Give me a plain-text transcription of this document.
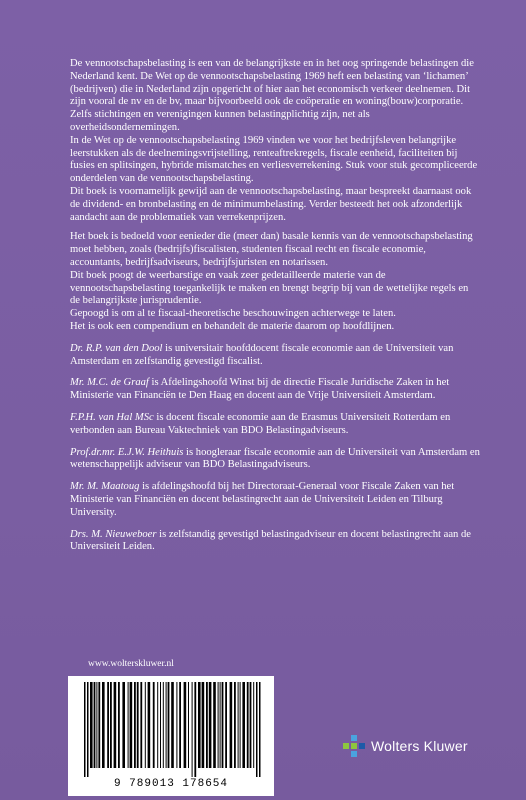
De vennootschapsbelasting is een van de belangrijkste en in het oog springende belastingen die Nederland kent. De Wet op de vennootschapsbelasting 1969 heft een belasting van ‘lichamen’ (bedrijven) die in Nederland zijn opgericht of hier aan het economisch verkeer deelnemen. Dit zijn vooral de nv en de bv, maar bijvoorbeeld ook de coöperatie en woning(bouw)corporatie. Zelfs stichtingen en verenigingen kunnen belastingplichtig zijn, net als overheidsondernemingen.

In de Wet op de vennootschapsbelasting 1969 vinden we voor het bedrijfsleven belangrijke leerstukken als de deelnemingsvrijstelling, renteaftrekregels, fiscale eenheid, faciliteiten bij fusies en splitsingen, hybride mismatches en verliesverrekening. Stuk voor stuk gecompliceerde onderdelen van de vennootschapsbelasting.

Dit boek is voornamelijk gewijd aan de vennootschapsbelasting, maar bespreekt daarnaast ook de dividend- en bronbelasting en de minimumbelasting. Verder besteedt het ook afzonderlijk aandacht aan de problematiek van verrekenprijzen.

Het boek is bedoeld voor eenieder die (meer dan) basale kennis van de vennootschapsbelasting moet hebben, zoals (bedrijfs)fiscalisten, studenten fiscaal recht en fiscale economie, accountants, bedrijfsadviseurs, bedrijfsjuristen en notarissen.

Dit boek poogt de weerbarstige en vaak zeer gedetailleerde materie van de vennootschapsbelasting toegankelijk te maken en brengt begrip bij van de wettelijke regels en de belangrijkste jurisprudentie.

Gepoogd is om al te fiscaal-theoretische beschouwingen achterwege te laten.

Het is ook een compendium en behandelt de materie daarom op hoofdlijnen.

Dr. R.P. van den Dool is universitair hoofddocent fiscale economie aan de Universiteit van Amsterdam en zelfstandig gevestigd fiscalist.

Mr. M.C. de Graaf is Afdelingshoofd Winst bij de directie Fiscale Juridische Zaken in het Ministerie van Financiën te Den Haag en docent aan de Vrije Universiteit Amsterdam.

F.P.H. van Hal MSc is docent fiscale economie aan de Erasmus Universiteit Rotterdam en verbonden aan Bureau Vaktechniek van BDO Belastingadviseurs.

Prof.dr.mr. E.J.W. Heithuis is hoogleraar fiscale economie aan de Universiteit van Amsterdam en wetenschappelijk adviseur van BDO Belastingadviseurs.

Mr. M. Maatoug is afdelingshoofd bij het Directoraat-Generaal voor Fiscale Zaken van het Ministerie van Financiën en docent belastingrecht aan de Universiteit Leiden en Tilburg University.

Drs. M. Nieuweboer is zelfstandig gevestigd belastingadviseur en docent belastingrecht aan de Universiteit Leiden.

www.wolterskluwer.nl
9 789013 178654
Wolters Kluwer
